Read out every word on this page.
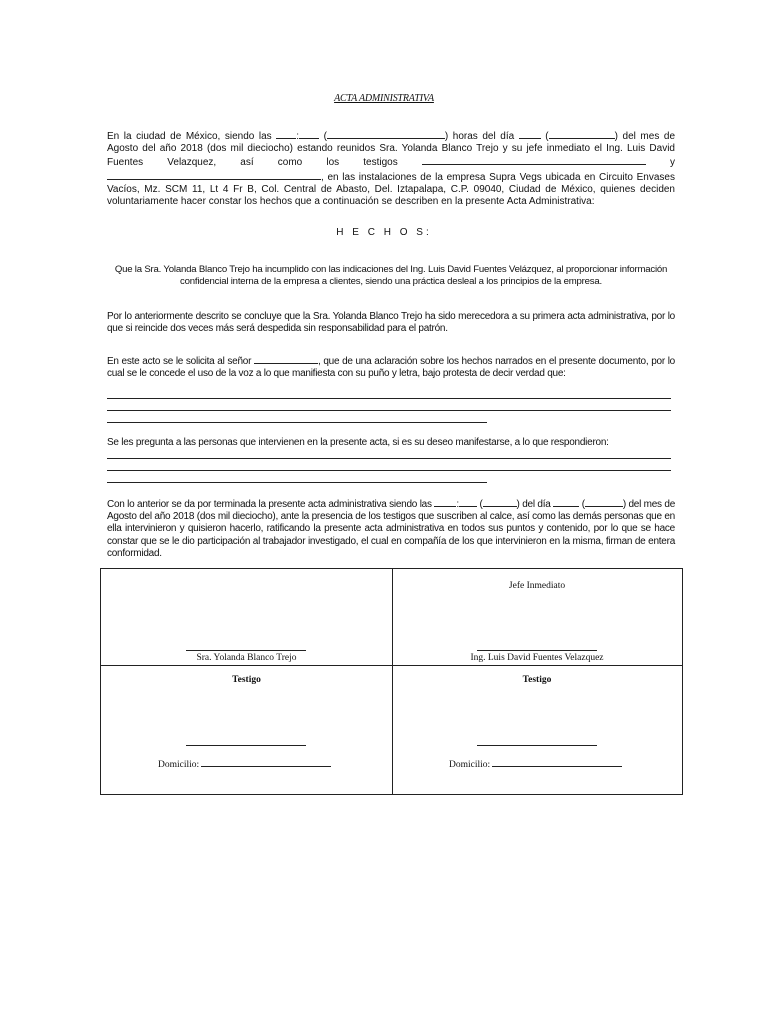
ACTA ADMINISTRATIVA
En la ciudad de México, siendo las : (	) horas del día	(	) del mes de Agosto del año 2018 (dos mil dieciocho) estando reunidos Sra. Yolanda Blanco Trejo y su jefe inmediato el Ing. Luis David Fuentes Velazquez, así como los testigos	y , en las instalaciones de la empresa Supra Vegs ubicada en Circuito Envases Vacíos, Mz. SCM 11, Lt 4 Fr B, Col. Central de Abasto, Del. Iztapalapa, C.P. 09040, Ciudad de México, quienes deciden voluntariamente hacer constar los hechos que a continuación se describen en la presente Acta Administrativa:
H E C H O S:
Que la Sra. Yolanda Blanco Trejo ha incumplido con las indicaciones del Ing. Luis David Fuentes Velázquez, al proporcionar información confidencial interna de la empresa a clientes, siendo una práctica desleal a los principios de la empresa.
Por lo anteriormente descrito se concluye que la Sra. Yolanda Blanco Trejo ha sido merecedora a su primera acta administrativa, por lo que si reincide dos veces más será despedida sin responsabilidad para el patrón.
En este acto se le solicita al señor	, que de una aclaración sobre los hechos narrados en el presente documento, por lo cual se le concede el uso de la voz a lo que manifiesta con su puño y letra, bajo protesta de decir verdad que:
Se les pregunta a las personas que intervienen en la presente acta, si es su deseo manifestarse, a lo que respondieron:
Con lo anterior se da por terminada la presente acta administrativa siendo las : (	) del día	(	) del mes de Agosto del año 2018 (dos mil dieciocho), ante la presencia de los testigos que suscriben al calce, así como las demás personas que en ella intervinieron y quisieron hacerlo, ratificando la presente acta administrativa en todos sus puntos y contenido, por lo que se hace constar que se le dio participación al trabajador investigado, el cual en compañía de los que intervinieron en la misma, firman de entera conformidad.
Sra. Yolanda Blanco Trejo
Jefe Inmediato
Ing. Luis David Fuentes Velazquez
Testigo
Domicilio:
Testigo
Domicilio:
